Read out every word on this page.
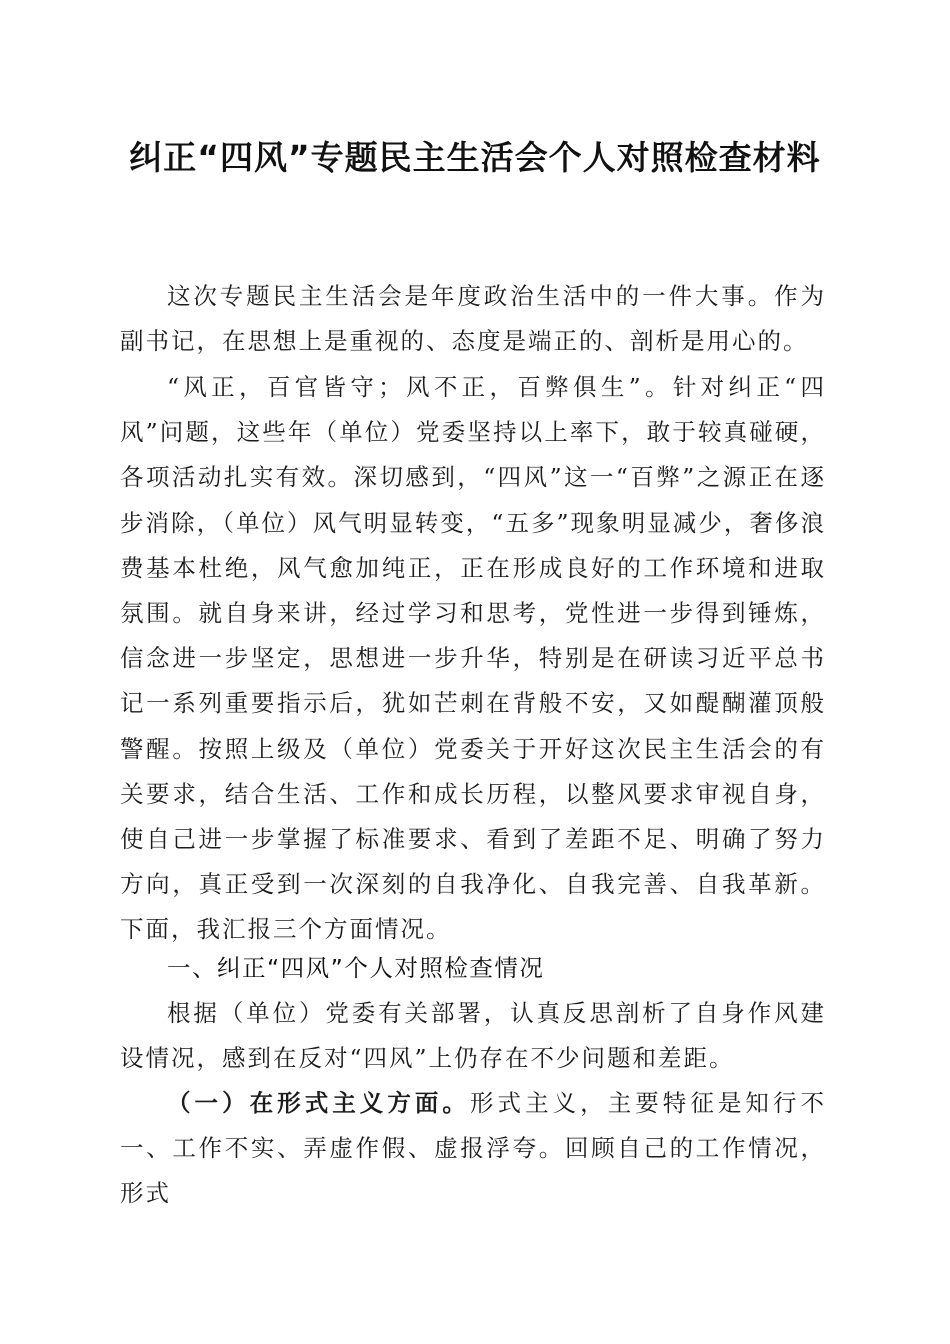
纠正“四风”专题民主生活会个人对照检查材料

这次专题民主生活会是年度政治生活中的一件大事。作为副书记，在思想上是重视的、态度是端正的、剖析是用心的。

“风正，百官皆守；风不正，百弊俱生”。针对纠正“四风”问题，这些年（单位）党委坚持以上率下，敢于较真碰硬，各项活动扎实有效。深切感到，“四风”这一“百弊”之源正在逐步消除，（单位）风气明显转变，“五多”现象明显减少，奢侈浪费基本杜绝，风气愈加纯正，正在形成良好的工作环境和进取氛围。就自身来讲，经过学习和思考，党性进一步得到锤炼，信念进一步坚定，思想进一步升华，特别是在研读习近平总书记一系列重要指示后，犹如芒刺在背般不安，又如醍醐灌顶般警醒。按照上级及（单位）党委关于开好这次民主生活会的有关要求，结合生活、工作和成长历程，以整风要求审视自身，使自己进一步掌握了标准要求、看到了差距不足、明确了努力方向，真正受到一次深刻的自我净化、自我完善、自我革新。下面，我汇报三个方面情况。

一、纠正“四风”个人对照检查情况

根据（单位）党委有关部署，认真反思剖析了自身作风建设情况，感到在反对“四风”上仍存在不少问题和差距。

（一）在形式主义方面。形式主义，主要特征是知行不一、工作不实、弄虚作假、虚报浮夸。回顾自己的工作情况，形式
